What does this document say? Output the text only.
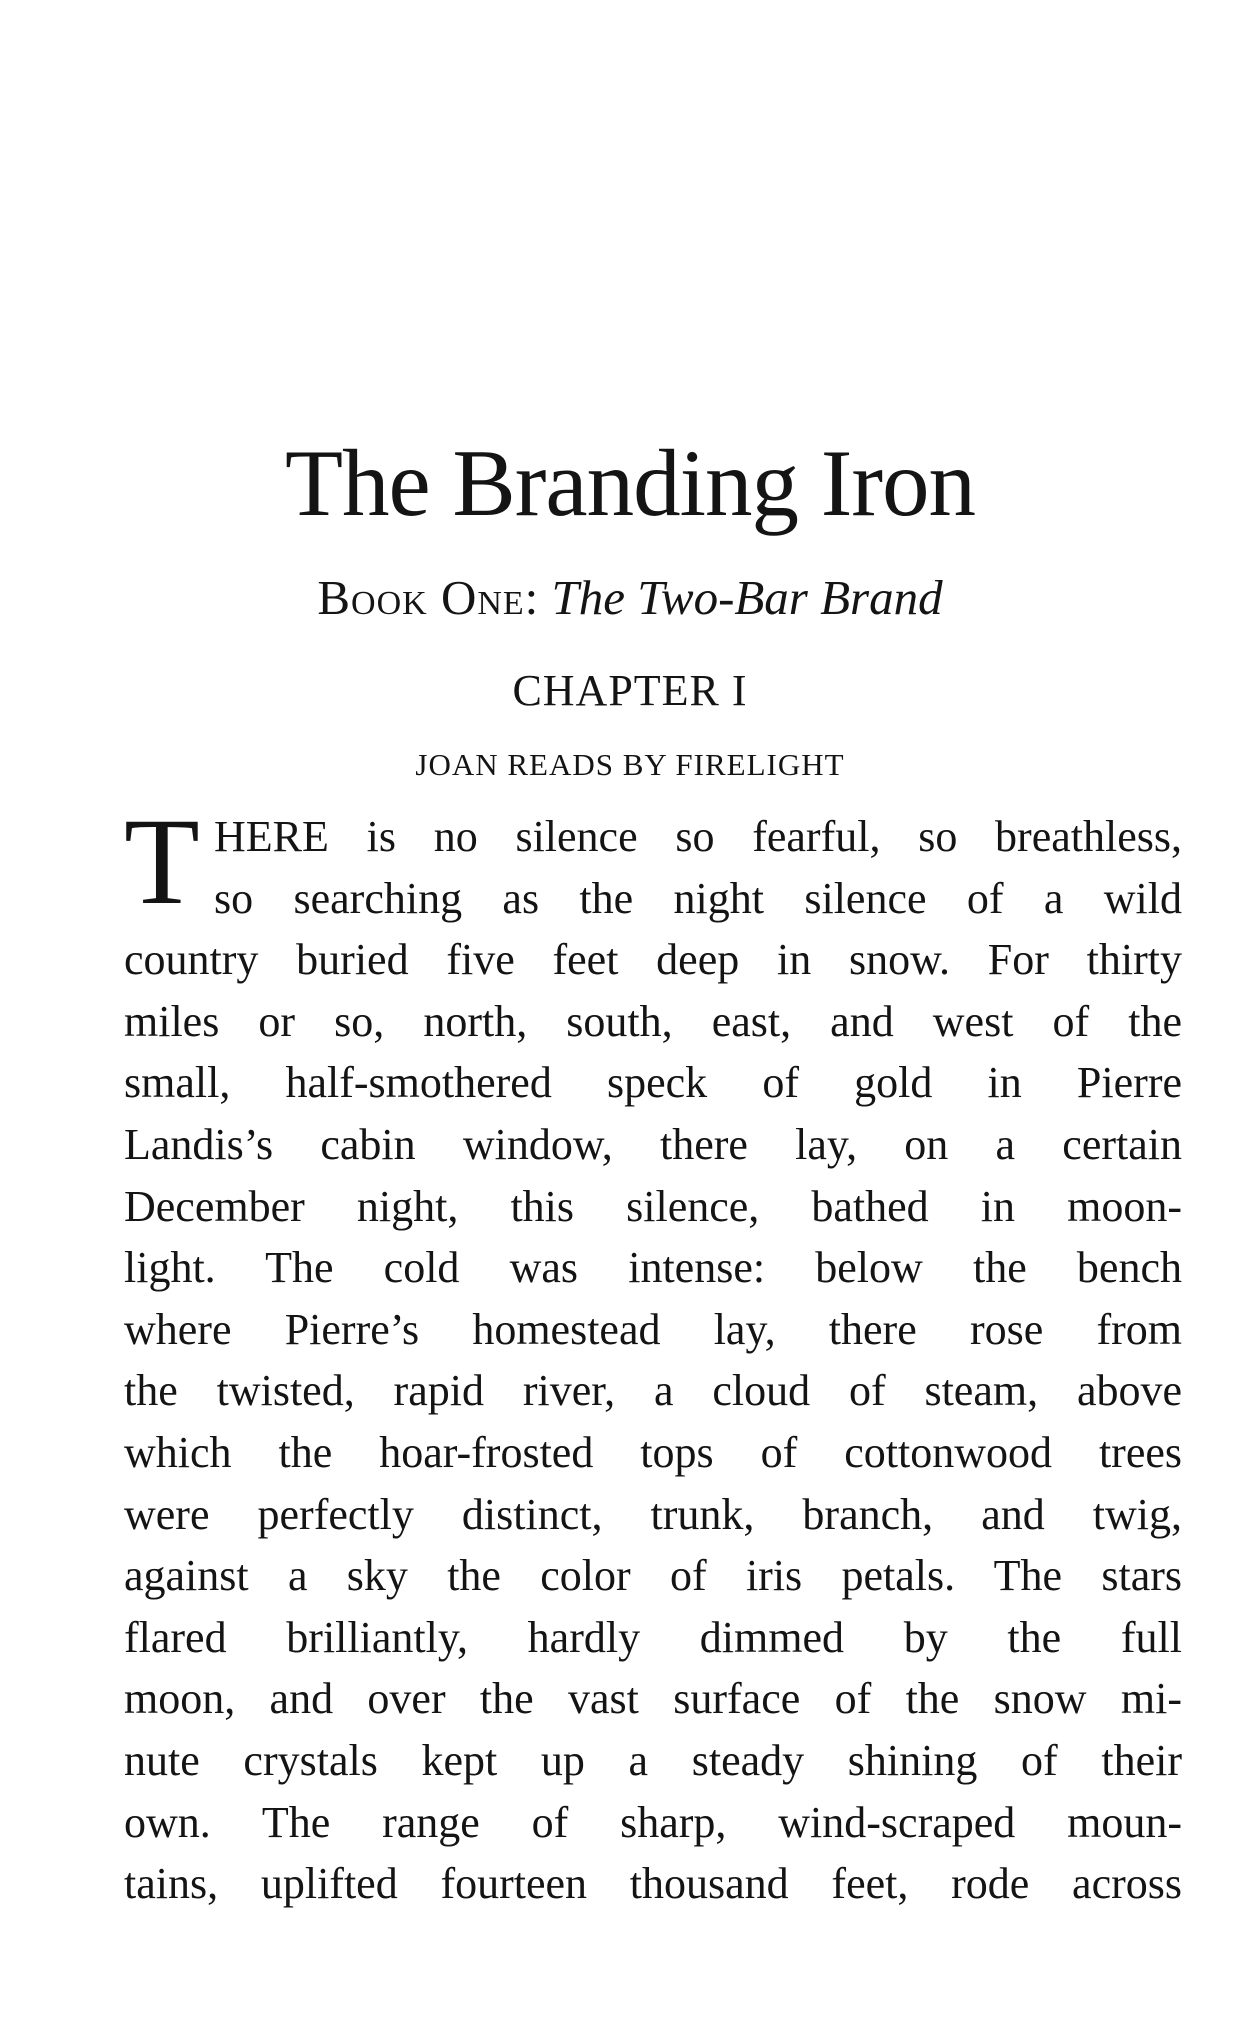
The Branding Iron

Book One: The Two-Bar Brand

CHAPTER I

JOAN READS BY FIRELIGHT

T HERE is no silence so fearful, so breathless,
so searching as the night silence of a wild
country buried five feet deep in snow. For thirty
miles or so, north, south, east, and west of the
small, half-smothered speck of gold in Pierre
Landis’s cabin window, there lay, on a certain
December night, this silence, bathed in moon-
light. The cold was intense: below the bench
where Pierre’s homestead lay, there rose from
the twisted, rapid river, a cloud of steam, above
which the hoar-frosted tops of cottonwood trees
were perfectly distinct, trunk, branch, and twig,
against a sky the color of iris petals. The stars
flared brilliantly, hardly dimmed by the full
moon, and over the vast surface of the snow mi-
nute crystals kept up a steady shining of their
own. The range of sharp, wind-scraped moun-
tains, uplifted fourteen thousand feet, rode across
